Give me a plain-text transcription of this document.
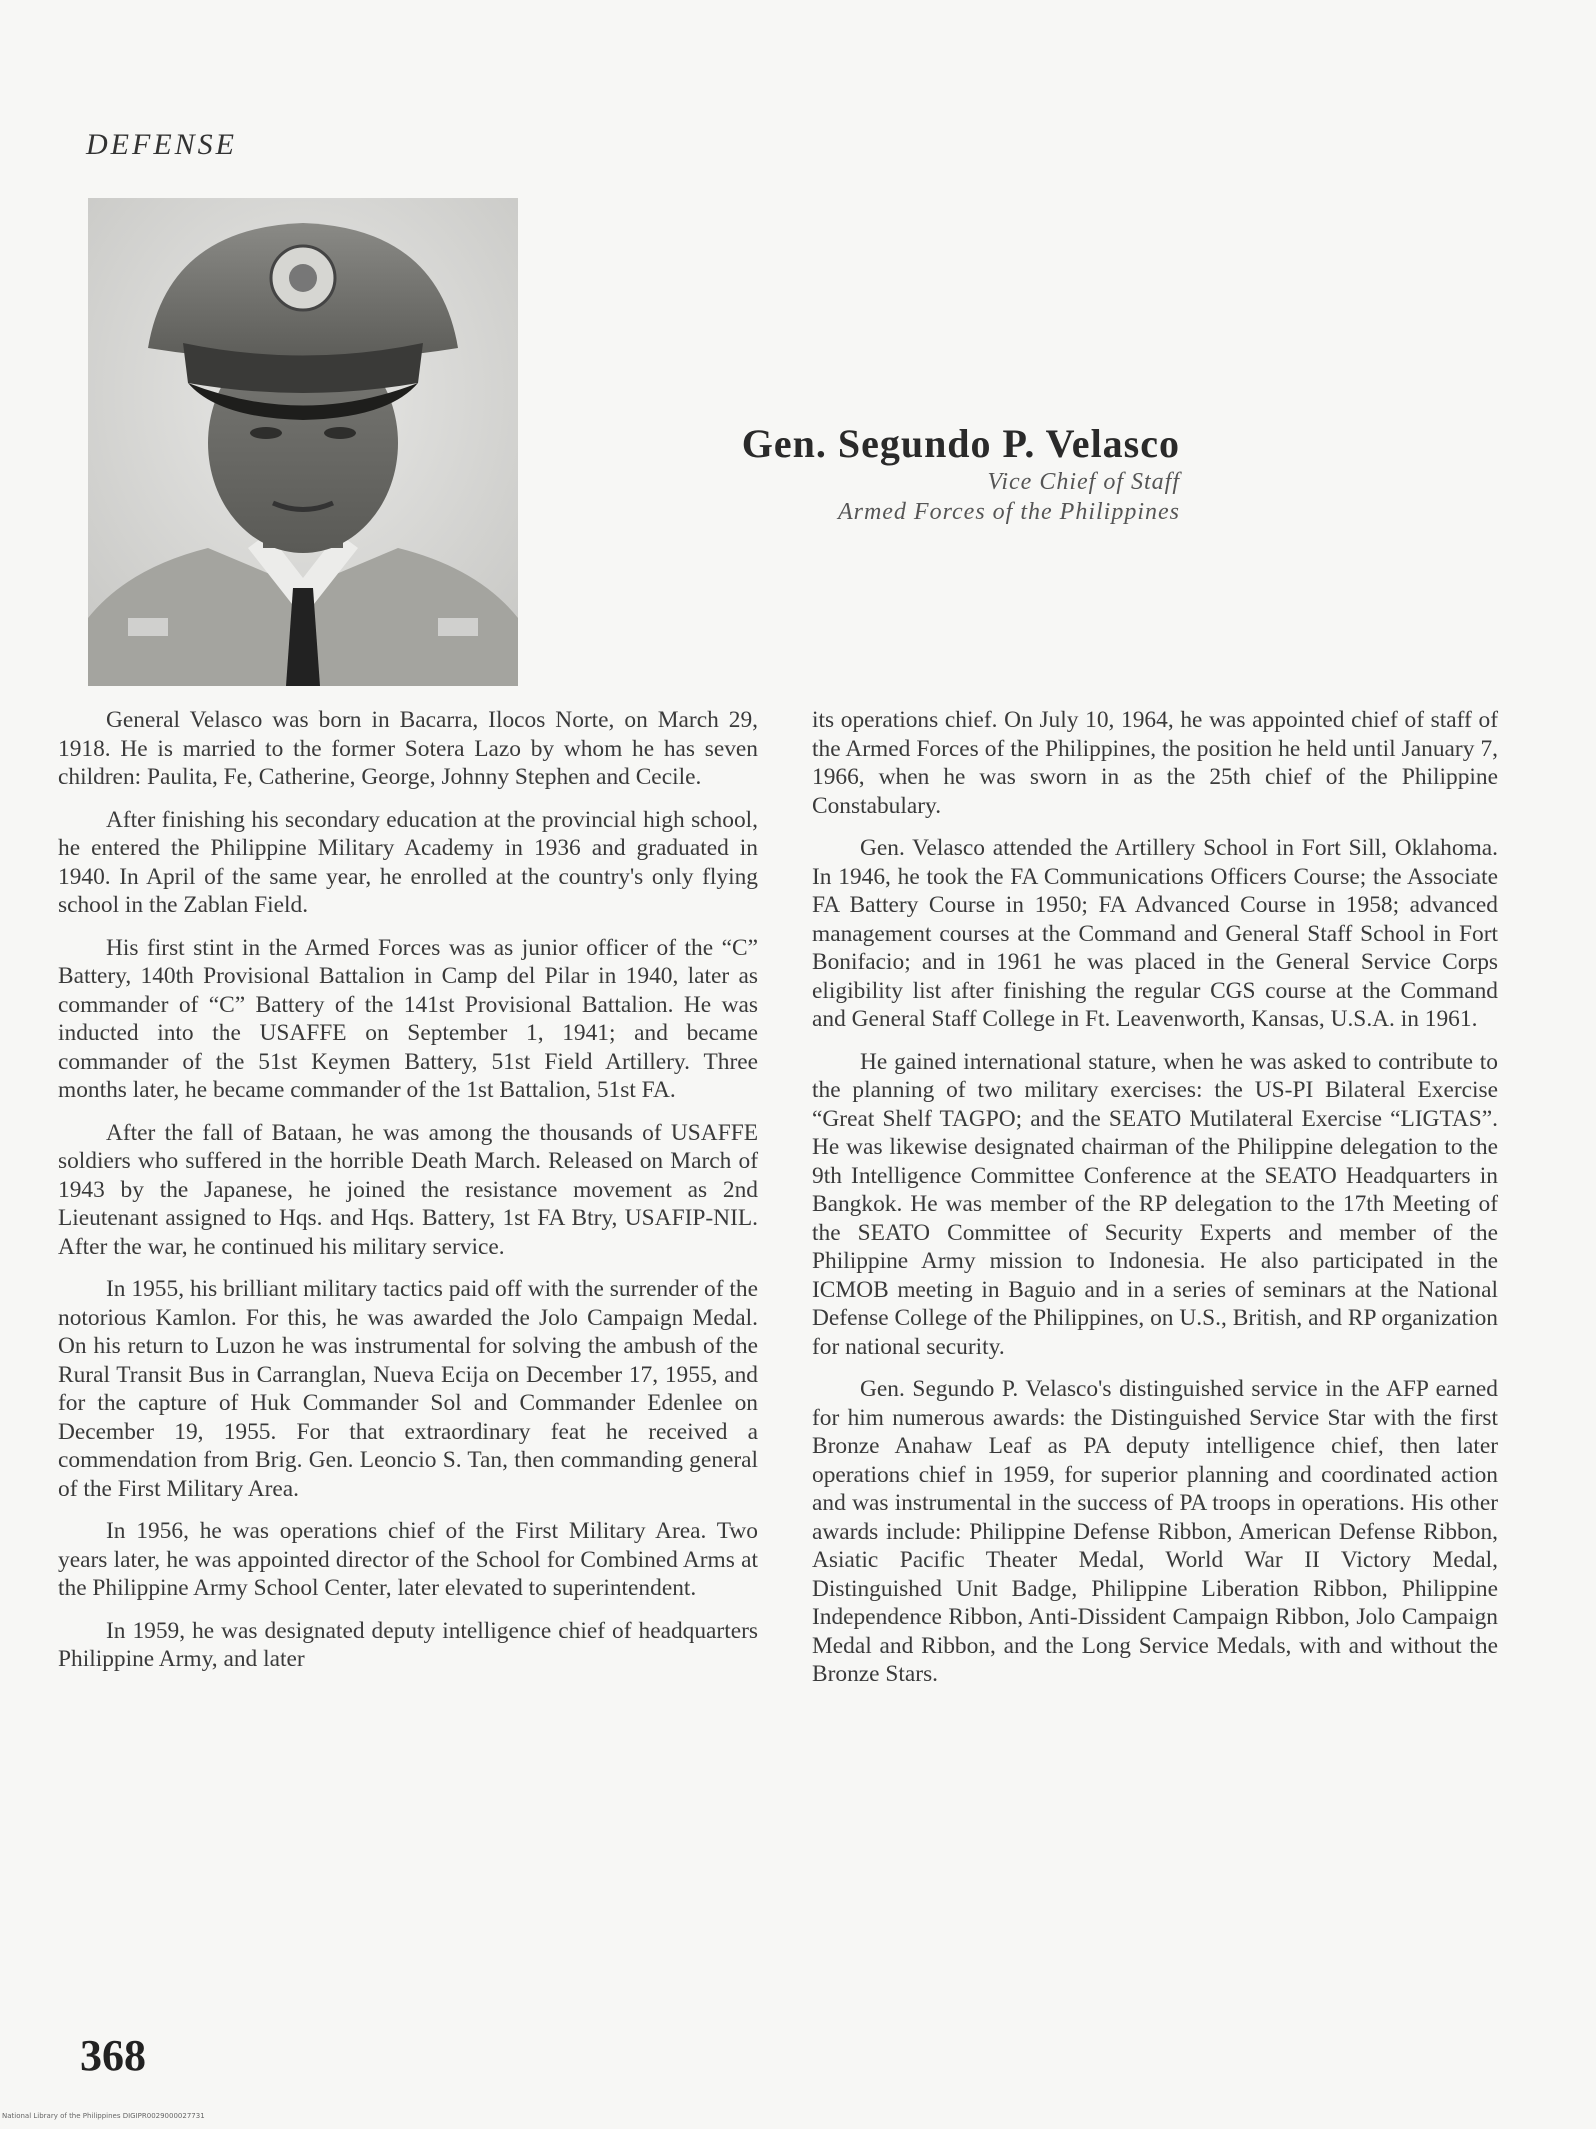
DEFENSE
Gen. Segundo P. Velasco
Vice Chief of Staff
Armed Forces of the Philippines

General Velasco was born in Bacarra, Ilocos Norte, on March 29, 1918. He is married to the former Sotera Lazo by whom he has seven children: Paulita, Fe, Catherine, George, Johnny Stephen and Cecile.

After finishing his secondary education at the provincial high school, he entered the Philippine Military Academy in 1936 and graduated in 1940. In April of the same year, he enrolled at the country's only flying school in the Zablan Field.

His first stint in the Armed Forces was as junior officer of the “C” Battery, 140th Provisional Battalion in Camp del Pilar in 1940, later as commander of “C” Battery of the 141st Provisional Battalion. He was inducted into the USAFFE on September 1, 1941; and became commander of the 51st Keymen Battery, 51st Field Artillery. Three months later, he became commander of the 1st Battalion, 51st FA.

After the fall of Bataan, he was among the thousands of USAFFE soldiers who suffered in the horrible Death March. Released on March of 1943 by the Japanese, he joined the resistance movement as 2nd Lieutenant assigned to Hqs. and Hqs. Battery, 1st FA Btry, USAFIP-NIL. After the war, he continued his military service.

In 1955, his brilliant military tactics paid off with the surrender of the notorious Kamlon. For this, he was awarded the Jolo Campaign Medal. On his return to Luzon he was instrumental for solving the ambush of the Rural Transit Bus in Carranglan, Nueva Ecija on December 17, 1955, and for the capture of Huk Commander Sol and Commander Edenlee on December 19, 1955. For that extraordinary feat he received a commendation from Brig. Gen. Leoncio S. Tan, then commanding general of the First Military Area.

In 1956, he was operations chief of the First Military Area. Two years later, he was appointed director of the School for Combined Arms at the Philippine Army School Center, later elevated to superintendent.

In 1959, he was designated deputy intelligence chief of headquarters Philippine Army, and later

its operations chief. On July 10, 1964, he was appointed chief of staff of the Armed Forces of the Philippines, the position he held until January 7, 1966, when he was sworn in as the 25th chief of the Philippine Constabulary.

Gen. Velasco attended the Artillery School in Fort Sill, Oklahoma. In 1946, he took the FA Communications Officers Course; the Associate FA Battery Course in 1950; FA Advanced Course in 1958; advanced management courses at the Command and General Staff School in Fort Bonifacio; and in 1961 he was placed in the General Service Corps eligibility list after finishing the regular CGS course at the Command and General Staff College in Ft. Leavenworth, Kansas, U.S.A. in 1961.

He gained international stature, when he was asked to contribute to the planning of two military exercises: the US-PI Bilateral Exercise “Great Shelf TAGPO; and the SEATO Mutilateral Exercise “LIGTAS”. He was likewise designated chairman of the Philippine delegation to the 9th Intelligence Committee Conference at the SEATO Headquarters in Bangkok. He was member of the RP delegation to the 17th Meeting of the SEATO Committee of Security Experts and member of the Philippine Army mission to Indonesia. He also participated in the ICMOB meeting in Baguio and in a series of seminars at the National Defense College of the Philippines, on U.S., British, and RP organization for national security.

Gen. Segundo P. Velasco's distinguished service in the AFP earned for him numerous awards: the Distinguished Service Star with the first Bronze Anahaw Leaf as PA deputy intelligence chief, then later operations chief in 1959, for superior planning and coordinated action and was instrumental in the success of PA troops in operations. His other awards include: Philippine Defense Ribbon, American Defense Ribbon, Asiatic Pacific Theater Medal, World War II Victory Medal, Distinguished Unit Badge, Philippine Liberation Ribbon, Philippine Independence Ribbon, Anti-Dissident Campaign Ribbon, Jolo Campaign Medal and Ribbon, and the Long Service Medals, with and without the Bronze Stars.

368
National Library of the Philippines DIGIPR0029000027731
